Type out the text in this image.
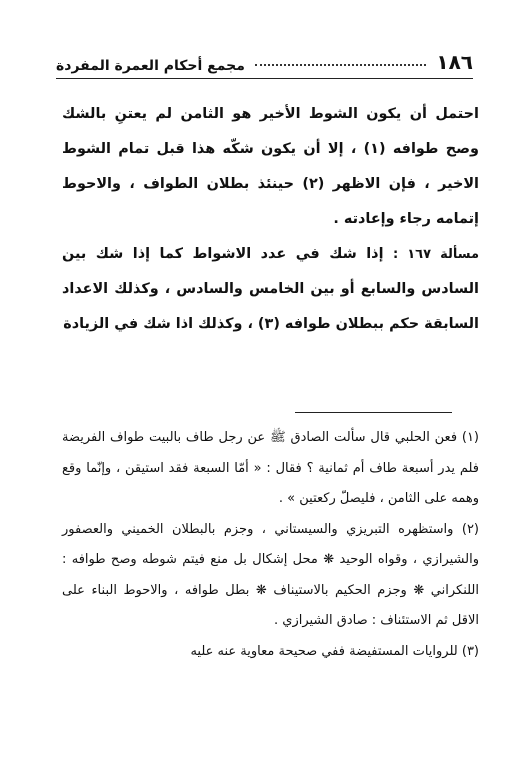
١٨٦
مجمع أحكام العمرة المفردة

احتمل أن يكون الشوط الأخير هو الثامن لم يعتنِ بالشك وصح طوافه (١) ، إلا أن يكون شكّه هذا قبل تمام الشوط الاخير ، فإن الاظهر (٢) حينئذ بطلان الطواف ، والاحوط إتمامه رجاء وإعادته .

مسألة ١٦٧ : إذا شك في عدد الاشواط كما إذا شك بين السادس والسابع أو بين الخامس والسادس ، وكذلك الاعداد السابقة حكم ببطلان طوافه (٣) ، وكذلك اذا شك في الزيادة

(١) فعن الحلبي قال سألت الصادق ﷺ عن رجل طاف بالبيت طواف الفريضة فلم يدر أسبعة طاف أم ثمانية ؟ فقال : « أمّا السبعة فقد استيقن ، وإنّما وقع وهمه على الثامن ، فليصلّ ركعتين » .

(٢) واستظهره التبريزي والسيستاني ، وجزم بالبطلان الخميني والعصفور والشيرازي ، وقواه الوحيد ❋ محل إشكال بل منع فيتم شوطه وصح طوافه : اللنكراني ❋ وجزم الحكيم بالاستيناف ❋ بطل طوافه ، والاحوط البناء على الاقل ثم الاستئناف : صادق الشيرازي .

(٣) للروايات المستفيضة ففي صحيحة معاوية عنه عليه
